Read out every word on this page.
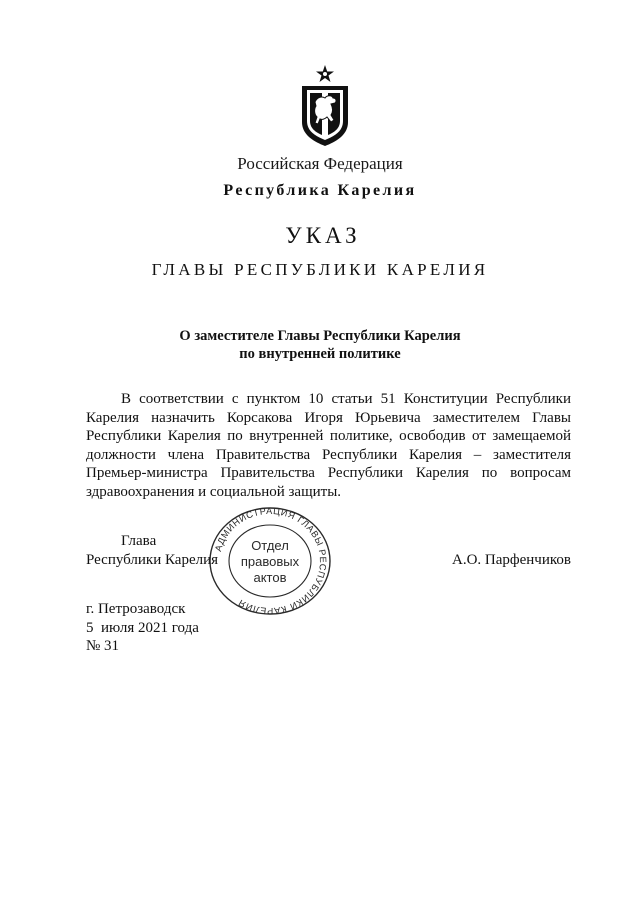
Российская Федерация
Республика Карелия
УКАЗ
ГЛАВЫ РЕСПУБЛИКИ КАРЕЛИЯ
О заместителе Главы Республики Карелия
по внутренней политике

В соответствии с пунктом 10 статьи 51 Конституции Республики Карелия назначить Корсакова Игоря Юрьевича заместителем Главы Республики Карелия по внутренней политике, освободив от замещаемой должности члена Правительства Республики Карелия – заместителя Премьер-министра Правительства Республики Карелия по вопросам здравоохранения и социальной защиты.

Глава
Республики Карелия	А.О. Парфенчиков
АДМИНИСТРАЦИЯ ГЛАВЫ РЕСПУБЛИКИ КАРЕЛИЯ
Отдел
правовых
актов
г. Петрозаводск
5  июля 2021 года
№ 31
